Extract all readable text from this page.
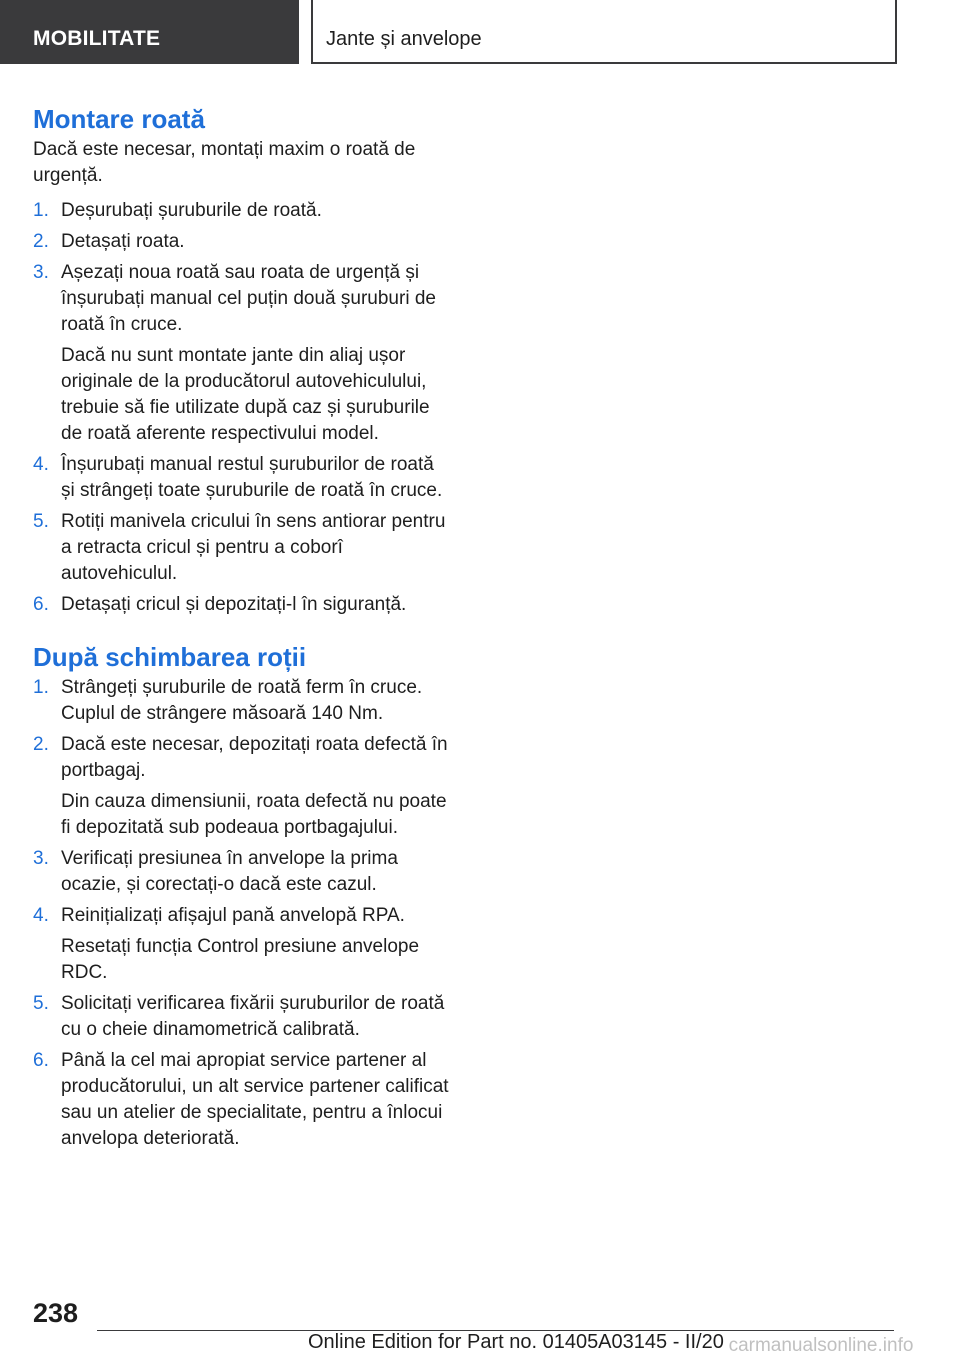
MOBILITATE	Jante și anvelope
Montare roată

Dacă este necesar, montați maxim o roată de urgență.

1. Deșurubați șuruburile de roată.
2. Detașați roata.
3. Așezați noua roată sau roata de urgență și înșurubați manual cel puțin două șuruburi de roată în cruce.
Dacă nu sunt montate jante din aliaj ușor originale de la producătorul autovehiculului, trebuie să fie utilizate după caz și șuruburile de roată aferente respectivului model.
4. Înșurubați manual restul șuruburilor de roată și strângeți toate șuruburile de roată în cruce.
5. Rotiți manivela cricului în sens antiorar pentru a retracta cricul și pentru a coborî autovehiculul.
6. Detașați cricul și depozitați-l în siguranță.
După schimbarea roții
1. Strângeți șuruburile de roată ferm în cruce. Cuplul de strângere măsoară 140 Nm.
2. Dacă este necesar, depozitați roata defectă în portbagaj.
Din cauza dimensiunii, roata defectă nu poate fi depozitată sub podeaua portbagajului.
3. Verificați presiunea în anvelope la prima ocazie, și corectați-o dacă este cazul.
4. Reinițializați afișajul pană anvelopă RPA.
Resetați funcția Control presiune anvelope RDC.
5. Solicitați verificarea fixării șuruburilor de roată cu o cheie dinamometrică calibrată.
6. Până la cel mai apropiat service partener al producătorului, un alt service partener calificat sau un atelier de specialitate, pentru a înlocui anvelopa deteriorată.
238
Online Edition for Part no. 01405A03145 - II/20 carmanualsonline.info
